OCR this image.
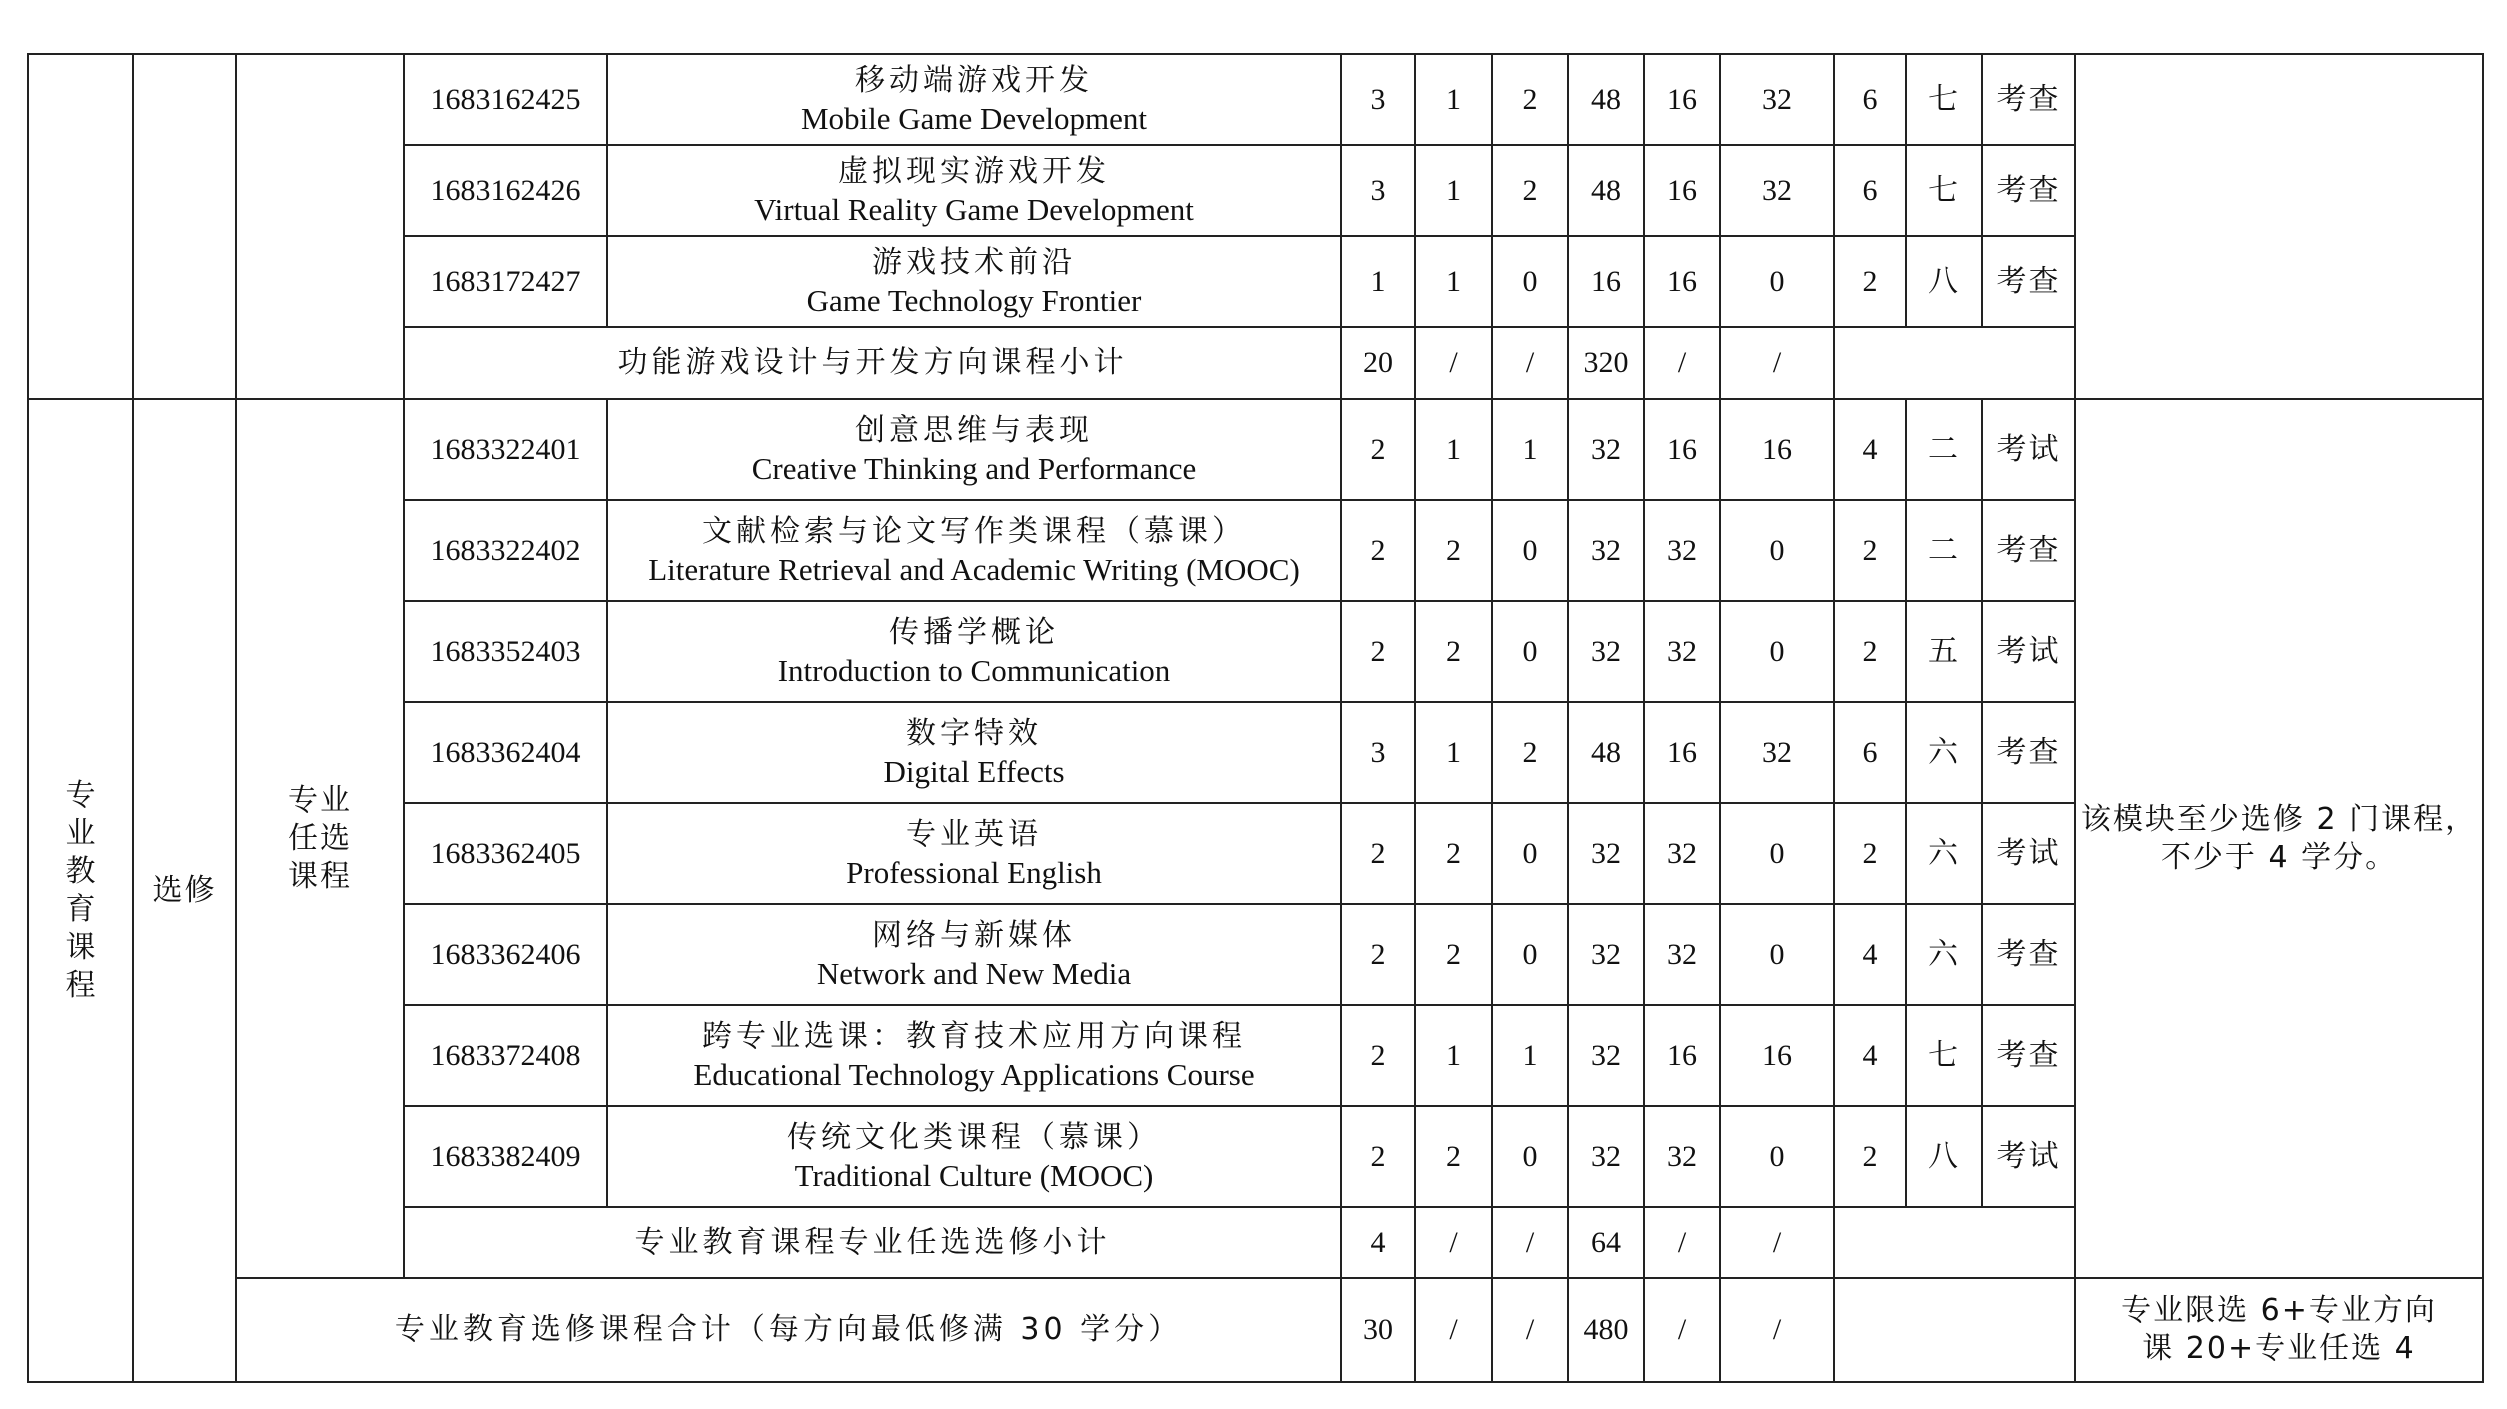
			1683162425	移动端游戏开发
Mobile Game Development	3	1	2	48	16	32	6	七	考查	
			1683162426	虚拟现实游戏开发
Virtual Reality Game Development	3	1	2	48	16	32	6	七	考查	
			1683172427	游戏技术前沿
Game Technology Frontier	1	1	0	16	16	0	2	八	考查	
			功能游戏设计与开发方向课程小计		20	/	/	320	/	/				
专业教育课程	选修	专业任选课程	1683322401	创意思维与表现
Creative Thinking and Performance	2	1	1	32	16	16	4	二	考试	该模块至少选修 2 门课程，不少于 4 学分。
			1683322402	文献检索与论文写作类课程（慕课）
Literature Retrieval and Academic Writing (MOOC)	2	2	0	32	32	0	2	二	考查	
			1683352403	传播学概论
Introduction to Communication	2	2	0	32	32	0	2	五	考试	
			1683362404	数字特效
Digital Effects	3	1	2	48	16	32	6	六	考查	
			1683362405	专业英语
Professional English	2	2	0	32	32	0	2	六	考试	
			1683362406	网络与新媒体
Network and New Media	2	2	0	32	32	0	4	六	考查	
			1683372408	跨专业选课：教育技术应用方向课程
Educational Technology Applications Course	2	1	1	32	16	16	4	七	考查	
			1683382409	传统文化类课程（慕课）
Traditional Culture (MOOC)	2	2	0	32	32	0	2	八	考试	
			专业教育课程专业任选选修小计		4	/	/	64	/	/				
		专业教育选修课程合计（每方向最低修满 30 学分）			30	/	/	480	/	/				专业限选 6+专业方向课 20+专业任选 4
